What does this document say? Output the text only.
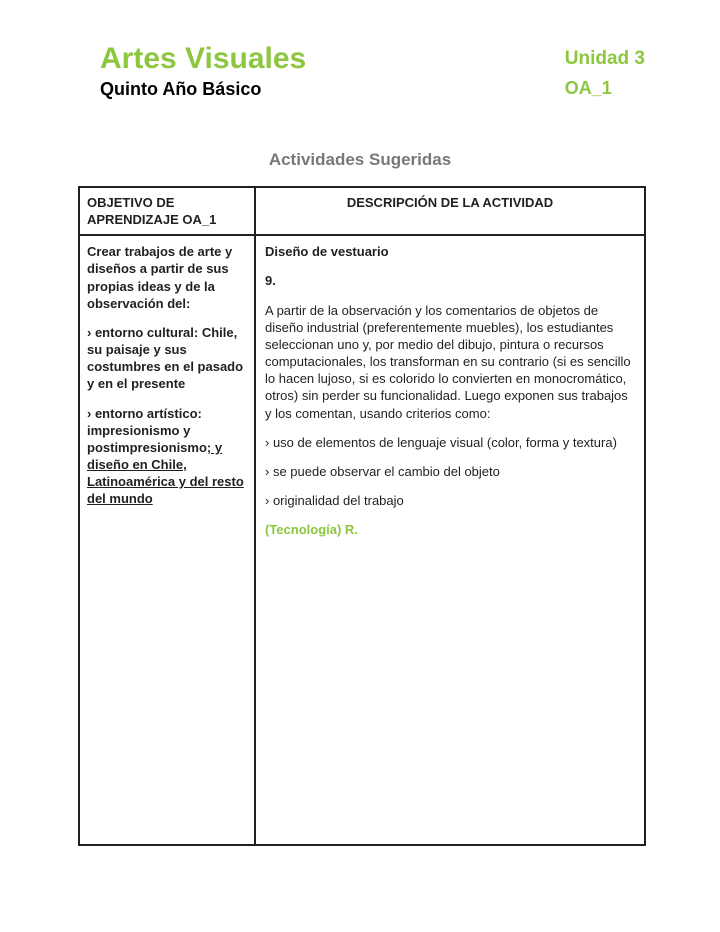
Artes Visuales
Quinto Año Básico
Unidad 3
OA_1
Actividades Sugeridas
OBJETIVO DE APRENDIZAJE OA_1
DESCRIPCIÓN DE LA ACTIVIDAD

Crear trabajos de arte y diseños a partir de sus propias ideas y de la observación del:

› entorno cultural: Chile, su paisaje y sus costumbres en el pasado y en el presente

› entorno artístico: impresionismo y postimpresionismo; y diseño en Chile, Latinoamérica y del resto del mundo

Diseño de vestuario

9.

A partir de la observación y los comentarios de objetos de diseño industrial (preferentemente muebles), los estudiantes seleccionan uno y, por medio del dibujo, pintura o recursos computacionales, los transforman en su contrario (si es sencillo lo hacen lujoso, si es colorido lo convierten en monocromático, otros) sin perder su funcionalidad. Luego exponen sus trabajos y los comentan, usando criterios como:

› uso de elementos de lenguaje visual (color, forma y textura)

› se puede observar el cambio del objeto

› originalidad del trabajo

(Tecnología) R.
